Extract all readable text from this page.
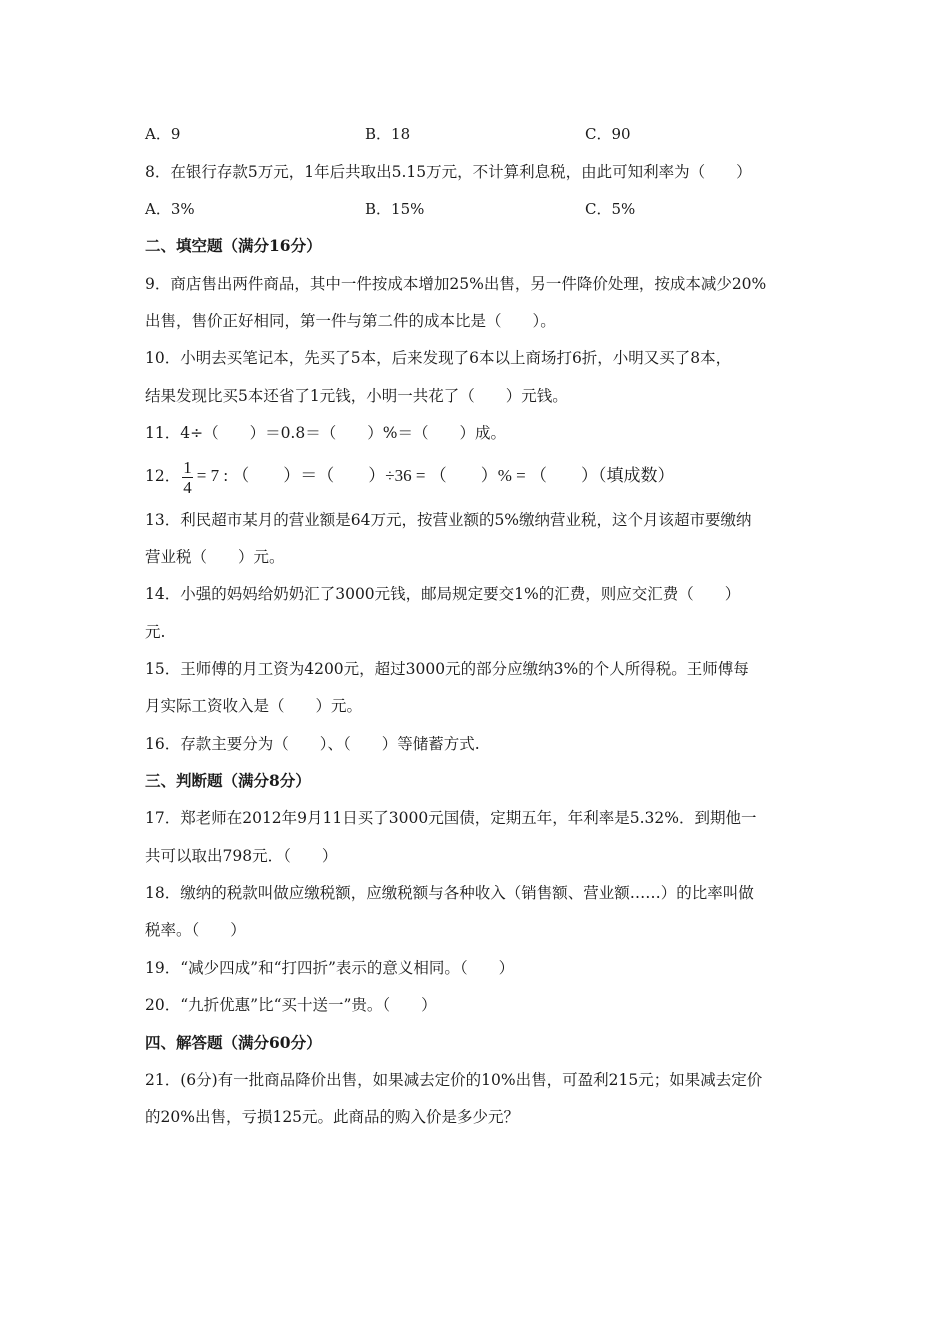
A．9	B．18	C．90
8．在银行存款5万元，1年后共取出5.15万元，不计算利息税，由此可知利率为（　　）
A．3%	B．15%	C．5%
二、填空题（满分16分）
9．商店售出两件商品，其中一件按成本增加25%出售，另一件降价处理，按成本减少20%
出售，售价正好相同，第一件与第二件的成本比是（　　）。
10．小明去买笔记本，先买了5本，后来发现了6本以上商场打6折，小明又买了8本，
结果发现比买5本还省了1元钱，小明一共花了（　　）元钱。
11．4÷（　　）＝0.8＝（　　）%＝（　　）成。
12． $\frac{1}{4} = 7$ : （　　）＝（　　）÷36 = （　　）% = （　　）（填成数）
13．利民超市某月的营业额是64万元，按营业额的5%缴纳营业税，这个月该超市要缴纳
营业税（　　）元。
14．小强的妈妈给奶奶汇了3000元钱，邮局规定要交1%的汇费，则应交汇费（　　）
元.
15．王师傅的月工资为4200元，超过3000元的部分应缴纳3%的个人所得税。王师傅每
月实际工资收入是（　　）元。
16．存款主要分为（　　）、（　　）等储蓄方式.
三、判断题（满分8分）
17．郑老师在2012年9月11日买了3000元国债，定期五年，年利率是5.32%．到期他一
共可以取出798元．（　　）
18．缴纳的税款叫做应缴税额，应缴税额与各种收入（销售额、营业额……）的比率叫做
税率。（　　）
19．“减少四成”和“打四折”表示的意义相同。（　　）
20．“九折优惠”比“买十送一”贵。（　　）
四、解答题（满分60分）
21．(6分)有一批商品降价出售，如果减去定价的10%出售，可盈利215元；如果减去定价
的20%出售，亏损125元。此商品的购入价是多少元？
